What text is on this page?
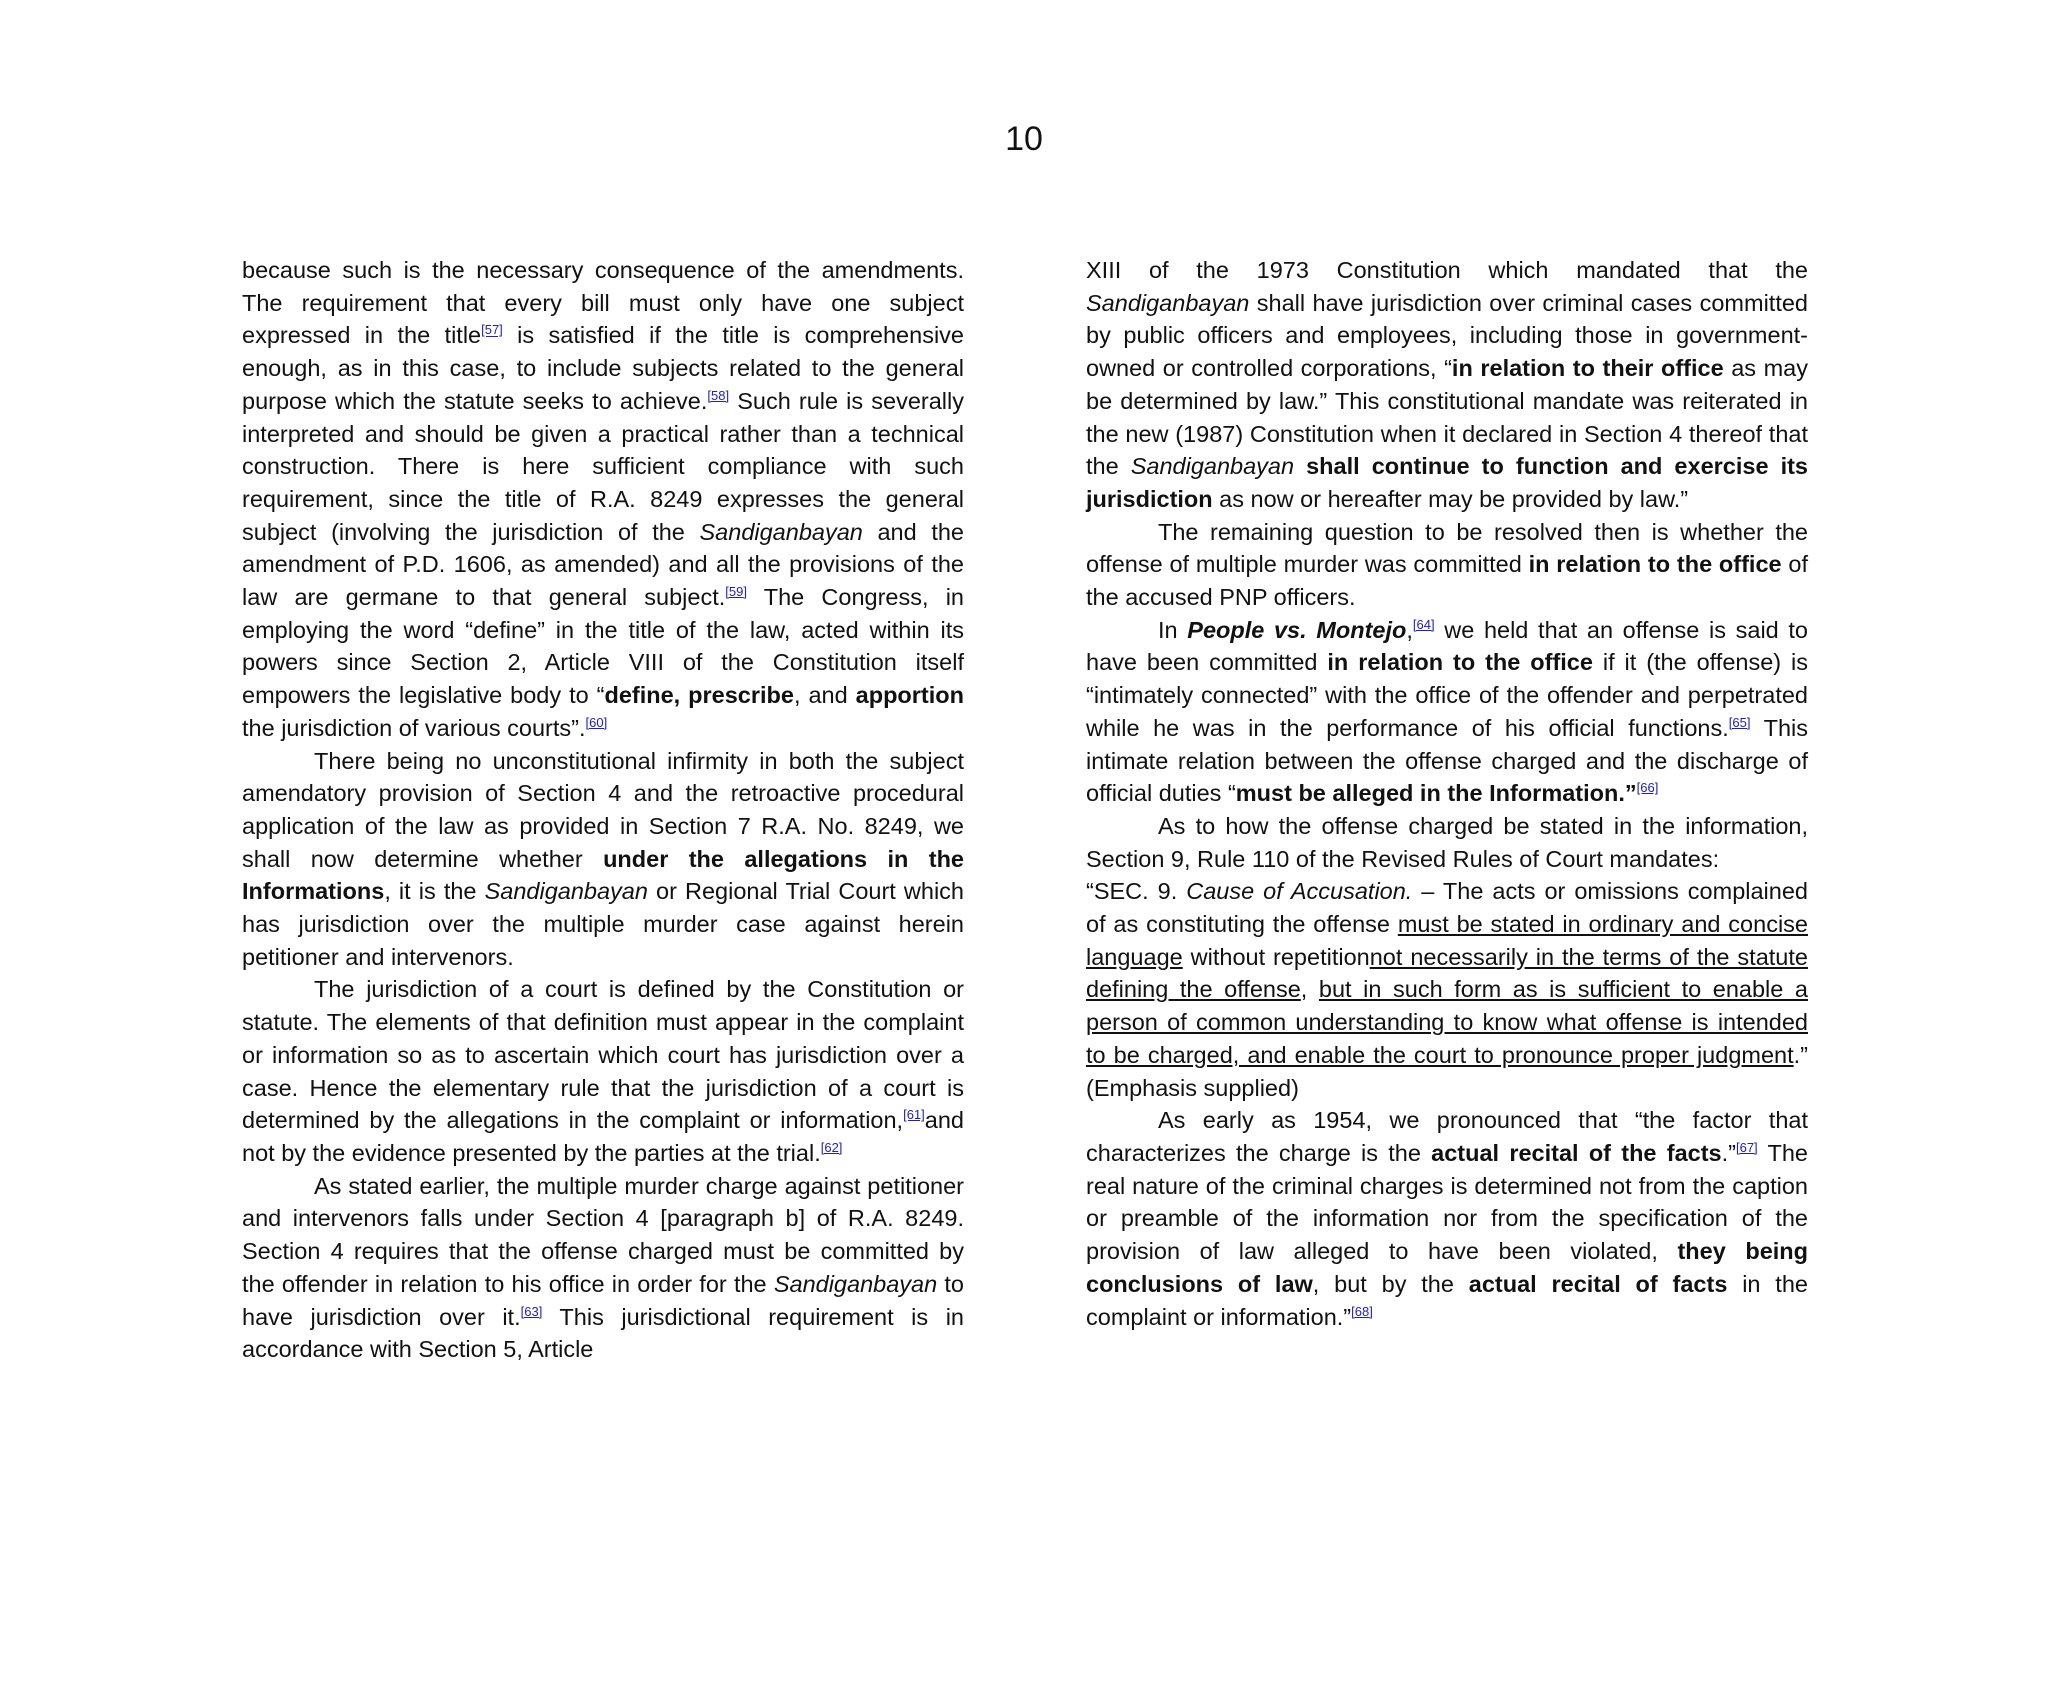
10

because such is the necessary consequence of the amendments. The requirement that every bill must only have one subject expressed in the title[57] is satisfied if the title is comprehensive enough, as in this case, to include subjects related to the general purpose which the statute seeks to achieve.[58] Such rule is severally interpreted and should be given a practical rather than a technical construction. There is here sufficient compliance with such requirement, since the title of R.A. 8249 expresses the general subject (involving the jurisdiction of the Sandiganbayan and the amendment of P.D. 1606, as amended) and all the provisions of the law are germane to that general subject.[59] The Congress, in employing the word “define” in the title of the law, acted within its powers since Section 2, Article VIII of the Constitution itself empowers the legislative body to “define, prescribe, and apportion the jurisdiction of various courts”.[60]

There being no unconstitutional infirmity in both the subject amendatory provision of Section 4 and the retroactive procedural application of the law as provided in Section 7 R.A. No. 8249, we shall now determine whether under the allegations in the Informations, it is the Sandiganbayan or Regional Trial Court which has jurisdiction over the multiple murder case against herein petitioner and intervenors.

The jurisdiction of a court is defined by the Constitution or statute. The elements of that definition must appear in the complaint or information so as to ascertain which court has jurisdiction over a case. Hence the elementary rule that the jurisdiction of a court is determined by the allegations in the complaint or information,[61]and not by the evidence presented by the parties at the trial.[62]

As stated earlier, the multiple murder charge against petitioner and intervenors falls under Section 4 [paragraph b] of R.A. 8249. Section 4 requires that the offense charged must be committed by the offender in relation to his office in order for the Sandiganbayan to have jurisdiction over it.[63] This jurisdictional requirement is in accordance with Section 5, Article

XIII of the 1973 Constitution which mandated that the Sandiganbayan shall have jurisdiction over criminal cases committed by public officers and employees, including those in government-owned or controlled corporations, “in relation to their office as may be determined by law.” This constitutional mandate was reiterated in the new (1987) Constitution when it declared in Section 4 thereof that the Sandiganbayan shall continue to function and exercise its jurisdiction as now or hereafter may be provided by law.”

The remaining question to be resolved then is whether the offense of multiple murder was committed in relation to the office of the accused PNP officers.

In People vs. Montejo,[64] we held that an offense is said to have been committed in relation to the office if it (the offense) is “intimately connected” with the office of the offender and perpetrated while he was in the performance of his official functions.[65] This intimate relation between the offense charged and the discharge of official duties “must be alleged in the Information.”[66]

As to how the offense charged be stated in the information, Section 9, Rule 110 of the Revised Rules of Court mandates:

“SEC. 9. Cause of Accusation. – The acts or omissions complained of as constituting the offense must be stated in ordinary and concise language without repetitionnot necessarily in the terms of the statute defining the offense, but in such form as is sufficient to enable a person of common understanding to know what offense is intended to be charged, and enable the court to pronounce proper judgment.” (Emphasis supplied)

As early as 1954, we pronounced that “the factor that characterizes the charge is the actual recital of the facts.”[67] The real nature of the criminal charges is determined not from the caption or preamble of the information nor from the specification of the provision of law alleged to have been violated, they being conclusions of law, but by the actual recital of facts in the complaint or information.”[68]
